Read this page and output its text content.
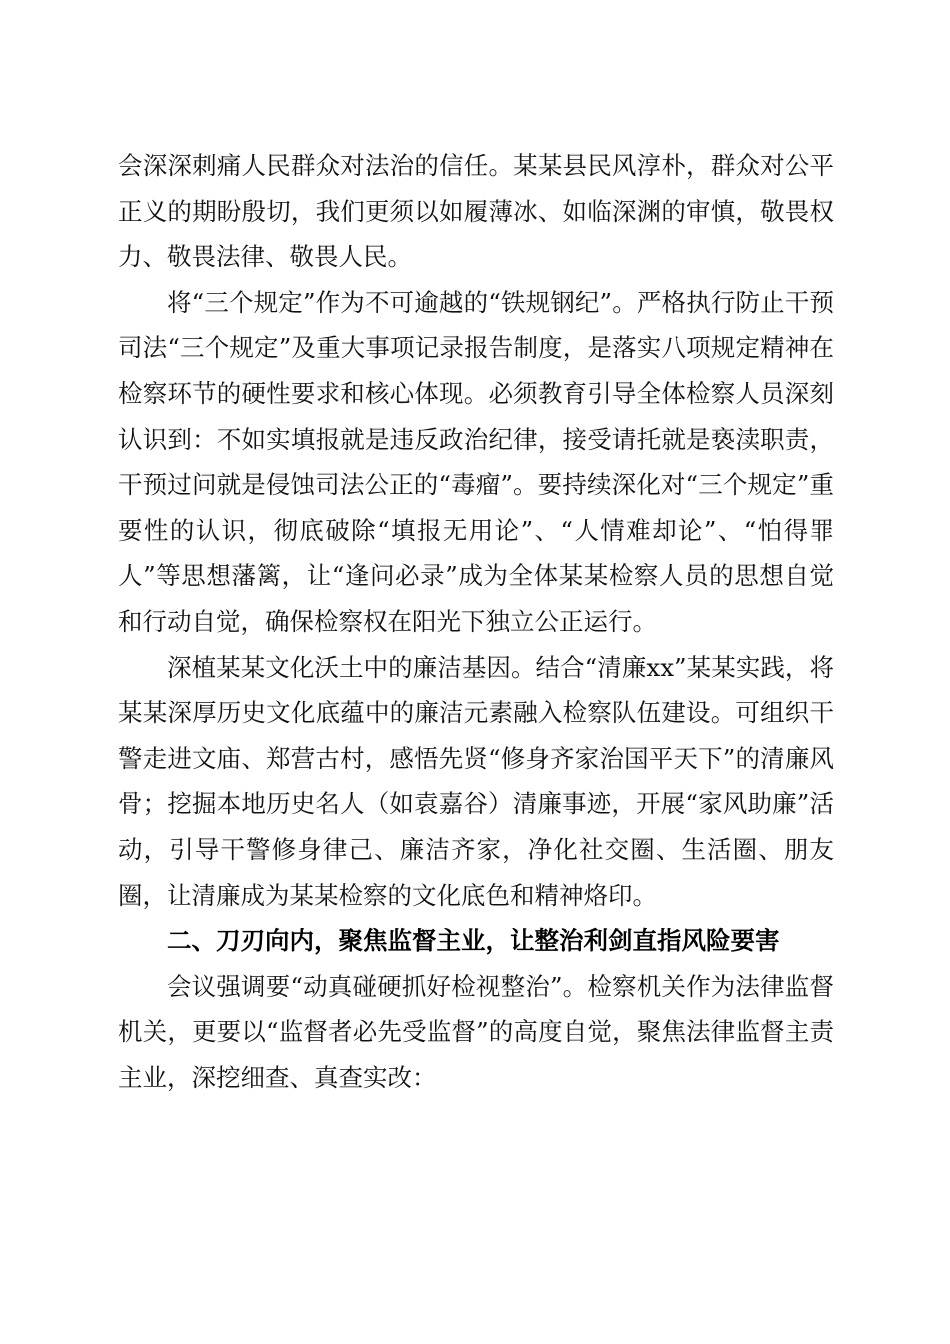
会深深刺痛人民群众对法治的信任。某某县民风淳朴，群众对公平正义的期盼殷切，我们更须以如履薄冰、如临深渊的审慎，敬畏权力、敬畏法律、敬畏人民。

将“三个规定”作为不可逾越的“铁规钢纪”。严格执行防止干预司法“三个规定”及重大事项记录报告制度，是落实八项规定精神在检察环节的硬性要求和核心体现。必须教育引导全体检察人员深刻认识到：不如实填报就是违反政治纪律，接受请托就是亵渎职责，干预过问就是侵蚀司法公正的“毒瘤”。要持续深化对“三个规定”重要性的认识，彻底破除“填报无用论”、“人情难却论”、“怕得罪人”等思想藩篱，让“逢问必录”成为全体某某检察人员的思想自觉和行动自觉，确保检察权在阳光下独立公正运行。

深植某某文化沃土中的廉洁基因。结合“清廉xx”某某实践，将某某深厚历史文化底蕴中的廉洁元素融入检察队伍建设。可组织干警走进文庙、郑营古村，感悟先贤“修身齐家治国平天下”的清廉风骨；挖掘本地历史名人（如袁嘉谷）清廉事迹，开展“家风助廉”活动，引导干警修身律己、廉洁齐家，净化社交圈、生活圈、朋友圈，让清廉成为某某检察的文化底色和精神烙印。

二、刀刃向内，聚焦监督主业，让整治利剑直指风险要害

会议强调要“动真碰硬抓好检视整治”。检察机关作为法律监督机关，更要以“监督者必先受监督”的高度自觉，聚焦法律监督主责主业，深挖细查、真查实改：
